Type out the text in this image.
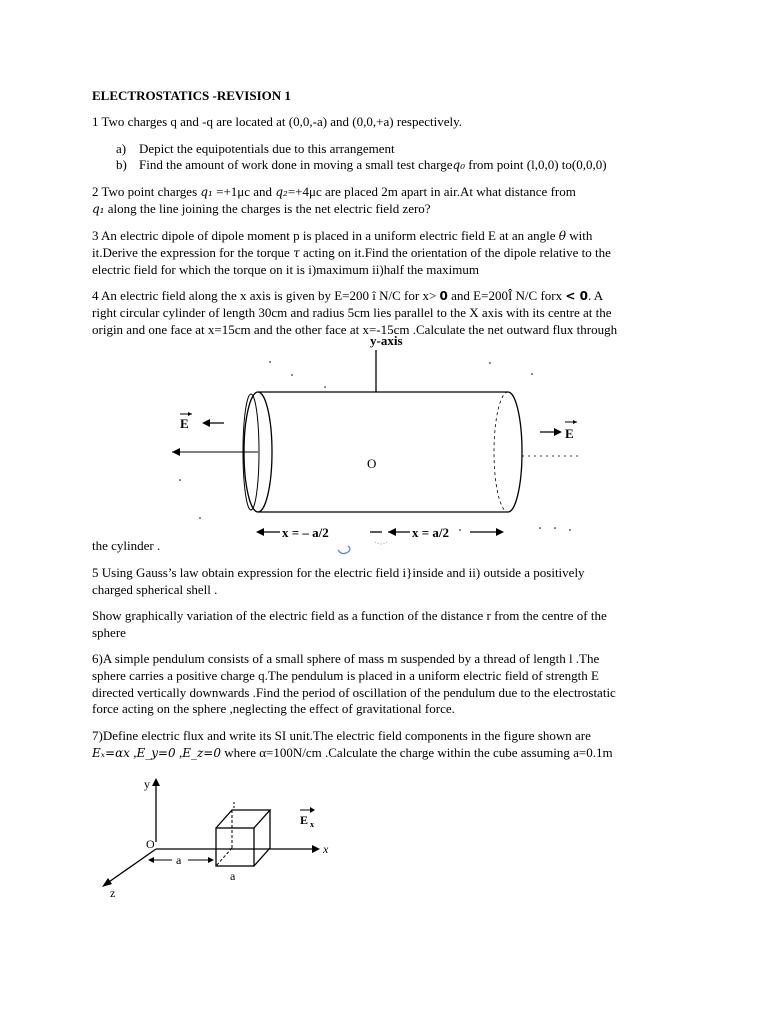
ELECTROSTATICS -REVISION 1
1 Two charges q and -q are located at (0,0,-a) and (0,0,+a) respectively.
a) Depict the equipotentials due to this arrangement
b) Find the amount of work done in moving a small test chargeq₀ from point (l,0,0) to(0,0,0)
2 Two point charges q₁ =+1μc and q₂=+4μc are placed 2m apart in air.At what distance from
q₁ along the line joining the charges is the net electric field zero?
3 An electric dipole of dipole moment p is placed in a uniform electric field E at an angle θ with
it.Derive the expression for the torque τ acting on it.Find the orientation of the dipole relative to the
electric field for which the torque on it is i)maximum ii)half the maximum
4 An electric field along the x axis is given by E=200 î N/C for x> 0 and E=200Î N/C forx < 0. A
right circular cylinder of length 30cm and radius 5cm lies parallel to the X axis with its centre at the
origin and one face at x=15cm and the other face at x=-15cm .Calculate the net outward flux through
y-axis
O
E
E
x = – a/2	x = a/2
the cylinder .
5 Using Gauss’s law obtain expression for the electric field i}inside and ii) outside a positively
charged spherical shell .
Show graphically variation of the electric field as a function of the distance r from the centre of the
sphere
6)A simple pendulum consists of a small sphere of mass m suspended by a thread of length l .The
sphere carries a positive charge q.The pendulum is placed in a uniform electric field of strength E
directed vertically downwards .Find the period of oscillation of the pendulum due to the electrostatic
force acting on the sphere ,neglecting the effect of gravitational force.
7)Define electric flux and write its SI unit.The electric field components in the figure shown are
Eₓ=αx ,E_y=0 ,E_z=0 where α=100N/cm .Calculate the charge within the cube assuming a=0.1m
y
x
z
O
a
a
E x
